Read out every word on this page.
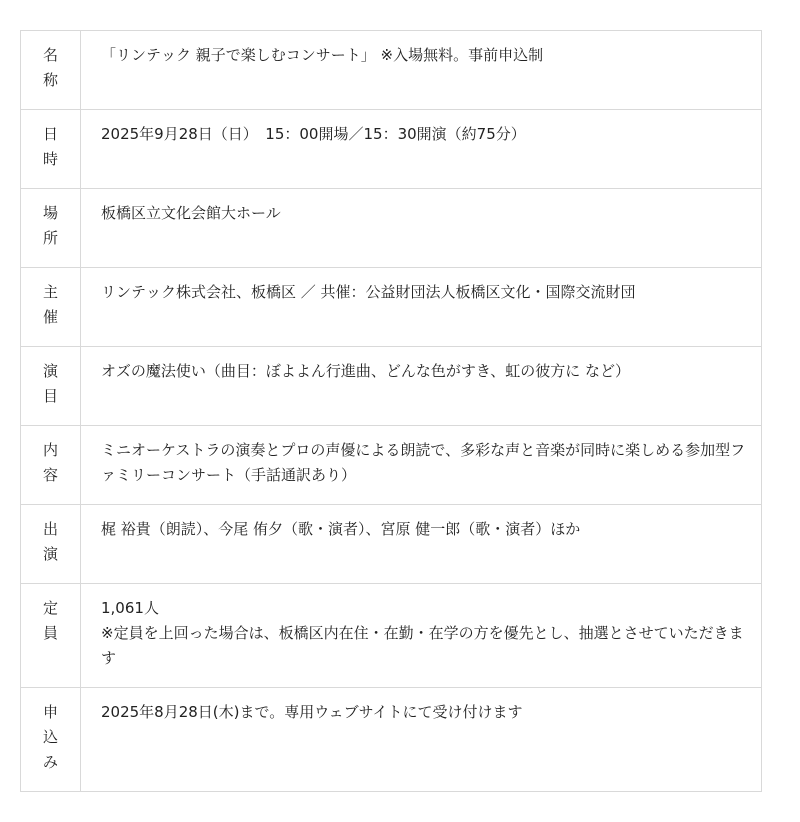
名
称	「リンテック 親子で楽しむコンサート」 ※入場無料。事前申込制

日
時	2025年9月28日（日）　15：00開場／15：30開演（約75分）

場
所	板橋区立文化会館大ホール

主
催	リンテック株式会社、板橋区 ／ 共催：公益財団法人板橋区文化・国際交流財団

演
目	オズの魔法使い（曲目：ぼよよん行進曲、どんな色がすき、虹の彼方に など）

内
容	ミニオーケストラの演奏とプロの声優による朗読で、多彩な声と音楽が同時に楽しめる参加型ファミリーコンサート（手話通訳あり）

出
演	梶 裕貴（朗読）、今尾 侑夕（歌・演者）、宮原 健一郎（歌・演者）ほか

定
員	1,061人
※定員を上回った場合は、板橋区内在住・在勤・在学の方を優先とし、抽選とさせていただきます

申
込
み	2025年8月28日(木)まで。専用ウェブサイトにて受け付けます
